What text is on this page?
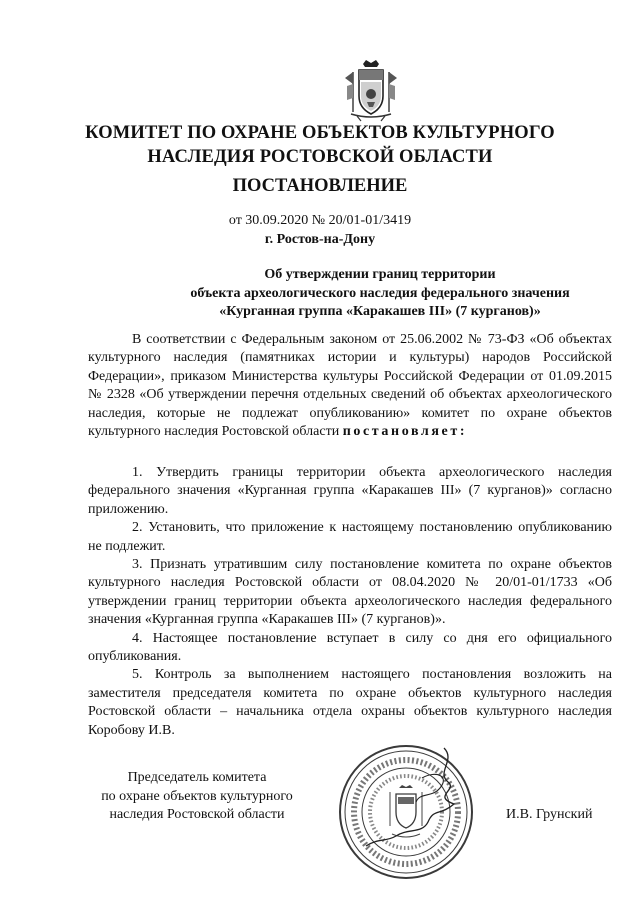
КОМИТЕТ ПО ОХРАНЕ ОБЪЕКТОВ КУЛЬТУРНОГО
НАСЛЕДИЯ РОСТОВСКОЙ ОБЛАСТИ
ПОСТАНОВЛЕНИЕ
от 30.09.2020 № 20/01-01/3419
г. Ростов-на-Дону
Об утверждении границ территории
объекта археологического наследия федерального значения
«Курганная группа «Каракашев III» (7 курганов)»

В соответствии с Федеральным законом от 25.06.2002 № 73-ФЗ «Об объектах культурного наследия (памятниках истории и культуры) народов Российской Федерации», приказом Министерства культуры Российской Федерации от 01.09.2015 № 2328 «Об утверждении перечня отдельных сведений об объектах археологического наследия, которые не подлежат опубликованию» комитет по охране объектов культурного наследия Ростовской области постановляет:

1. Утвердить границы территории объекта археологического наследия федерального значения «Курганная группа «Каракашев III» (7 курганов)» согласно приложению.

2. Установить, что приложение к настоящему постановлению опубликованию не подлежит.

3. Признать утратившим силу постановление комитета по охране объектов культурного наследия Ростовской области от 08.04.2020 № 20/01-01/1733 «Об утверждении границ территории объекта археологического наследия федерального значения «Курганная группа «Каракашев III» (7 курганов)».

4. Настоящее постановление вступает в силу со дня его официального опубликования.

5. Контроль за выполнением настоящего постановления возложить на заместителя председателя комитета по охране объектов культурного наследия Ростовской области – начальника отдела охраны объектов культурного наследия Коробову И.В.

Председатель комитета
по охране объектов культурного
наследия Ростовской области	И.В. Грунский
